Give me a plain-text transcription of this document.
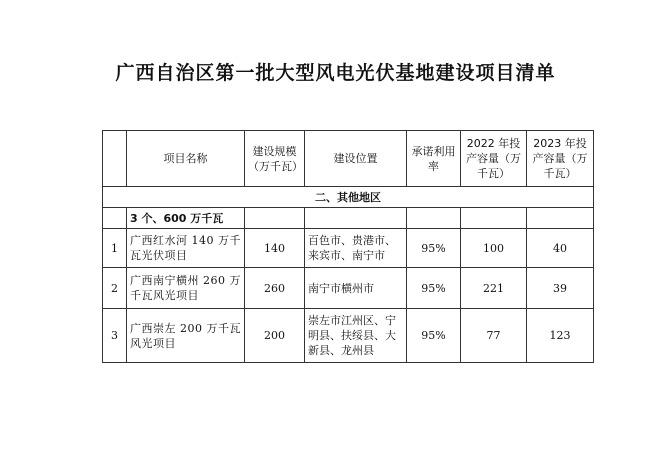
广西自治区第一批大型风电光伏基地建设项目清单
	项目名称	建设规模（万千瓦）	建设位置	承诺利用率	2022 年投产容量（万千瓦）	2023 年投产容量（万千瓦）
二、其他地区						
	3 个、600 万千瓦					
1	广西红水河 140 万千瓦光伏项目	140	百色市、贵港市、来宾市、南宁市	95%	100	40
2	广西南宁横州 260 万千瓦风光项目	260	南宁市横州市	95%	221	39
3	广西崇左 200 万千瓦风光项目	200	崇左市江州区、宁明县、扶绥县、大新县、龙州县	95%	77	123
